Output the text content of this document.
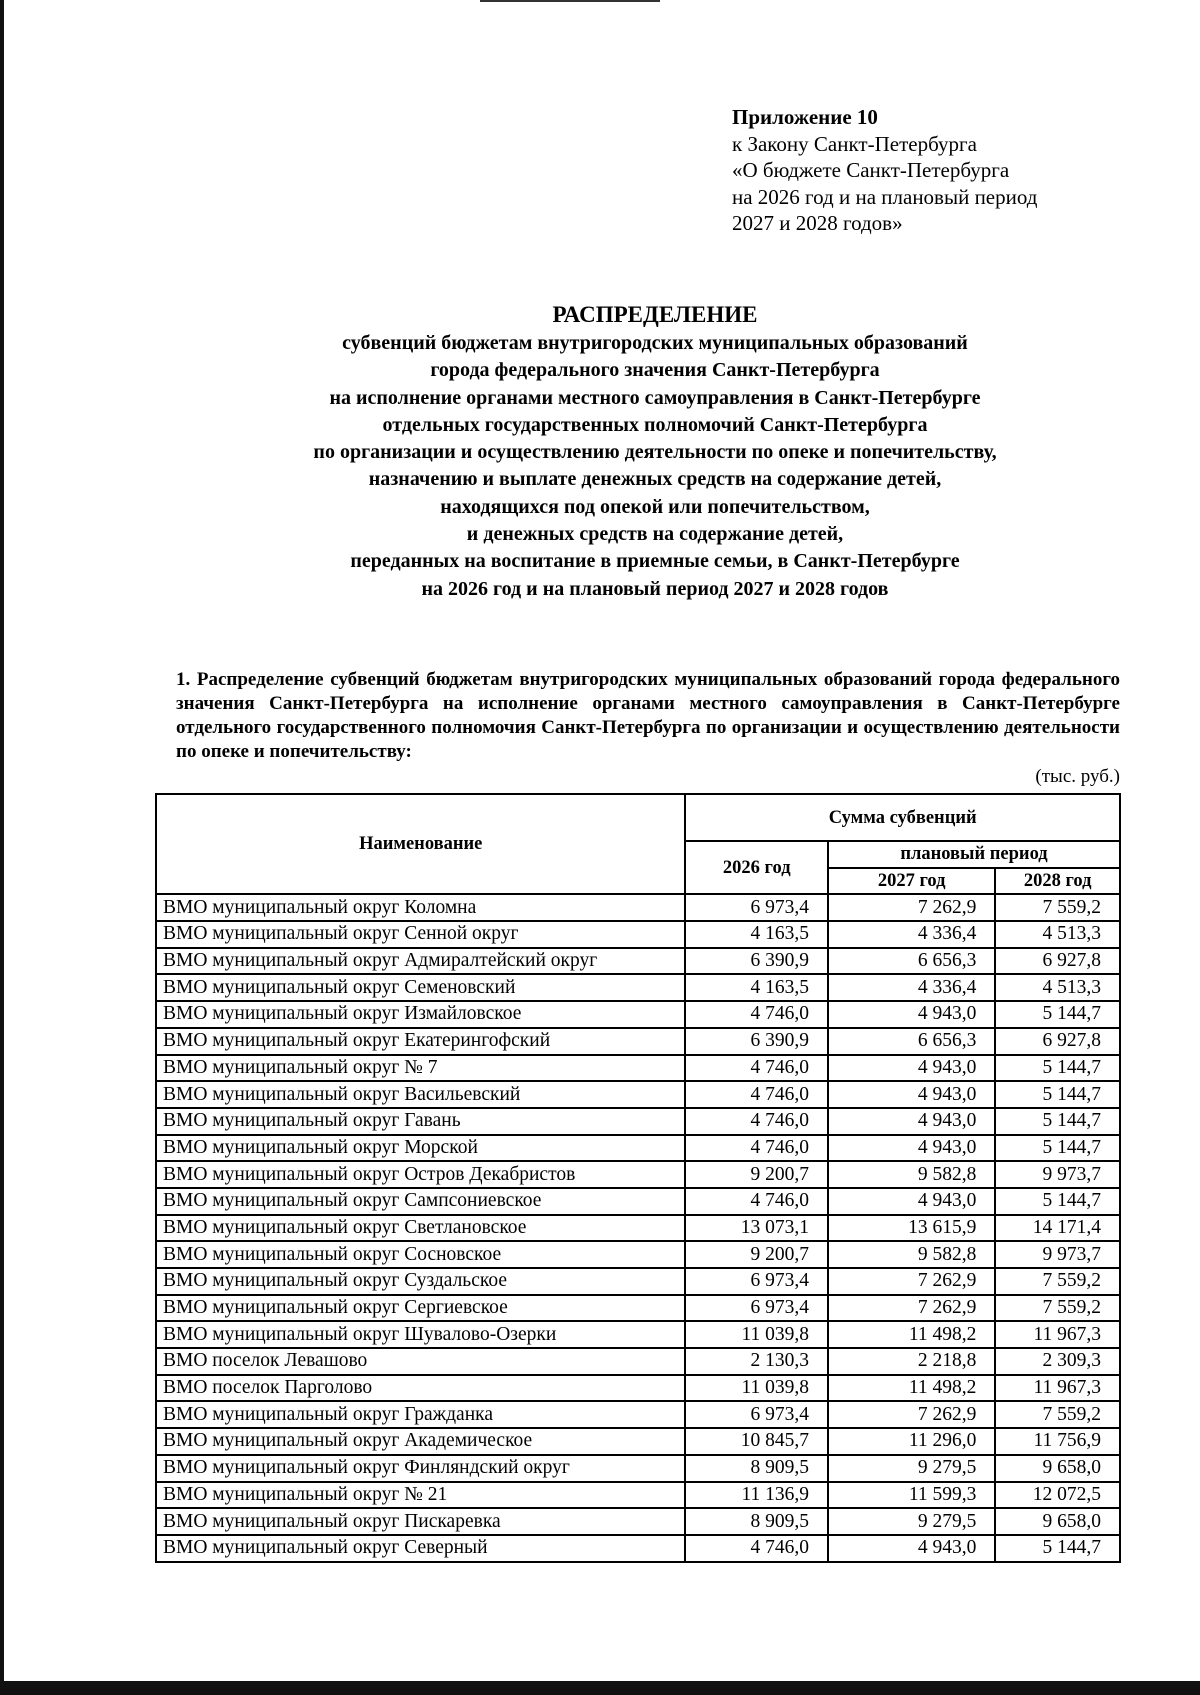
Приложение 10
к Закону Санкт-Петербурга
«О бюджете Санкт-Петербурга
на 2026 год и на плановый период
2027 и 2028 годов»
РАСПРЕДЕЛЕНИЕ
субвенций бюджетам внутригородских муниципальных образований
города федерального значения Санкт-Петербурга
на исполнение органами местного самоуправления в Санкт-Петербурге
отдельных государственных полномочий Санкт-Петербурга
по организации и осуществлению деятельности по опеке и попечительству,
назначению и выплате денежных средств на содержание детей,
находящихся под опекой или попечительством,
и денежных средств на содержание детей,
переданных на воспитание в приемные семьи, в Санкт-Петербурге
на 2026 год и на плановый период 2027 и 2028 годов
1. Распределение субвенций бюджетам внутригородских муниципальных образований города федерального значения Санкт-Петербурга на исполнение органами местного самоуправления в Санкт-Петербурге отдельного государственного полномочия Санкт-Петербурга по организации и осуществлению деятельности по опеке и попечительству:
(тыс. руб.)
Наименование	Сумма субвенций		
	2026 год	плановый период	
		2027 год	2028 год
ВМО муниципальный округ Коломна	6 973,4	7 262,9	7 559,2
ВМО муниципальный округ Сенной округ	4 163,5	4 336,4	4 513,3
ВМО муниципальный округ Адмиралтейский округ	6 390,9	6 656,3	6 927,8
ВМО муниципальный округ Семеновский	4 163,5	4 336,4	4 513,3
ВМО муниципальный округ Измайловское	4 746,0	4 943,0	5 144,7
ВМО муниципальный округ Екатерингофский	6 390,9	6 656,3	6 927,8
ВМО муниципальный округ № 7	4 746,0	4 943,0	5 144,7
ВМО муниципальный округ Васильевский	4 746,0	4 943,0	5 144,7
ВМО муниципальный округ Гавань	4 746,0	4 943,0	5 144,7
ВМО муниципальный округ Морской	4 746,0	4 943,0	5 144,7
ВМО муниципальный округ Остров Декабристов	9 200,7	9 582,8	9 973,7
ВМО муниципальный округ Сампсониевское	4 746,0	4 943,0	5 144,7
ВМО муниципальный округ Светлановское	13 073,1	13 615,9	14 171,4
ВМО муниципальный округ Сосновское	9 200,7	9 582,8	9 973,7
ВМО муниципальный округ Суздальское	6 973,4	7 262,9	7 559,2
ВМО муниципальный округ Сергиевское	6 973,4	7 262,9	7 559,2
ВМО муниципальный округ Шувалово-Озерки	11 039,8	11 498,2	11 967,3
ВМО поселок Левашово	2 130,3	2 218,8	2 309,3
ВМО поселок Парголово	11 039,8	11 498,2	11 967,3
ВМО муниципальный округ Гражданка	6 973,4	7 262,9	7 559,2
ВМО муниципальный округ Академическое	10 845,7	11 296,0	11 756,9
ВМО муниципальный округ Финляндский округ	8 909,5	9 279,5	9 658,0
ВМО муниципальный округ № 21	11 136,9	11 599,3	12 072,5
ВМО муниципальный округ Пискаревка	8 909,5	9 279,5	9 658,0
ВМО муниципальный округ Северный	4 746,0	4 943,0	5 144,7
